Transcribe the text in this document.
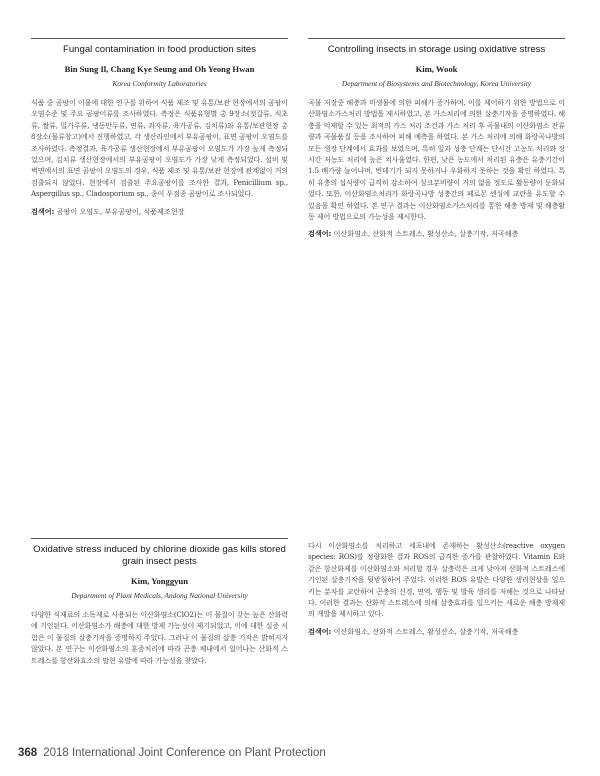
Fungal contamination in food production sites
Bin Sung Il, Chang Kye Seung and Oh Yeong Hwan
Korea Conformity Laboratories
식품 중 곰팡이 이물에 대한 연구를 위하여 식품 제조 및 유통/보관 현장에서의 곰팡이 오염수준 및 주요 곰팡이류를 조사하였다. 측정은 식품유형별 총 9장소(젓갈류, 식초류, 쌀류, 밀가루류, 냉동만두류, 면류, 과자류, 육가공류, 김치류)와 유통/보관현장 총 8장소(물류창고)에서 진행하였고, 각 생산라인에서 부유곰팡이, 표면 곰팡이 오염도를 조사하였다. 측정결과, 육가공류 생산현장에서 부유곰팡이 오염도가 가장 높게 측정되었으며, 김치류 생산현장에서의 부유곰팡이 오염도가 가장 낮게 측정되었다. 설비 및 벽면에서의 표면 곰팡이 오염도의 경우, 식품 제조 및 유통/보관 현장에 관계없이 거의 검출되지 않았다. 현장에서 검출된 주요곰팡이를 조사한 결과, Penicillium sp., Aspergillus sp., Cladosporium sp., 종이 우점종 곰팡이로 조사되었다.
검색어: 곰팡이 오염도, 부유곰팡이, 식품제조현장
Controlling insects in storage using oxidative stress
Kim, Wook
Department of Biosystems and Biotechnology, Korea University
곡물 저장중 해충과 미생물에 의한 피해가 증가하며, 이를 제어하기 위한 방법으로 이산화염소가스처리 방법을 제시하였고, 본 가스처리에 의한 살충기작을 증명하였다. 해충을 억제할 수 있는 최적의 가스 처리 조건과 가스 처리 후 곡물내의 이산화염소 잔류량과 곡물품질 등을 조사하여 피해 예측을 하였다. 본 가스 처리에 의해 화랑곡나방의 모든 생장 단계에서 효과를 보였으며, 특히 일과 성충 단계는 단시간 고농도 처리와 장시간 저농도 처리에 높은 치사율였다. 한편, 낮은 농도에서 처리된 유충은 유충기간이 1.5 배가량 늘어나며, 번데기가 되지 못하거나 우화하지 못하는 것을 확인 하였다. 특히 유충의 섭식량이 급격히 감소하여 싱크분비량이 거의 없을 정도로 활동량이 둔화되었다. 또한, 이산화염소처리가 화랑곡나방 성충간의 페로몬 센싱에 교란을 유도할 수 있음을 확인 하였다. 본 연구 결과는 이산화염소가스처리를 통한 해충 방제 및 해충활동 제어 방법으로의 가능성을 제시한다.
검색어: 이산화염소, 산화적 스트레스, 활성산소, 살충기작, 저곡해충
Oxidative stress induced by chlorine dioxide gas kills stored grain insect pests
Kim, Yonggyun
Department of Plant Medicals, Andong National University
다양한 식재료의 소독제로 사용되는 이산화염소(ClO2)는 이 물질이 갖는 높은 산화력에 기인된다. 이산화염소가 해충에 대한 방제 가능성이 제기되었고, 이에 대한 실증 시험은 이 물질의 살충기작을 증명하지 주었다. 그러나 이 물질의 살충 기작은 밝혀지지 않았다. 본 연구는 이산화염소의 훈증처리에 따라 곤충 체내에서 일어나는 산화적 스트레스를 항산화효소의 발현 유발에 따라 가능성을 찾았다.
다시 이산화염소를 처리하고 세포내에 존재하는 활성산소(reactive oxygen species: ROS)를 정량화한 결과 ROS의 급격한 증가를 관찰하였다. Vitamin E와 같은 항산화제를 이산화염소와 처리할 경우 살충력은 크게 낮아져 산화적 스트레스에 기인된 살충기작을 뒷받침하여 주었다. 이러한 ROS 유발은 다양한 생리현상을 일으키는 분자를 교란하여 곤충의 신경, 면역, 행동 및 발육 생리를 저해는 것으로 나타났다. 이러한 결과는 산화적 스트레스에 의해 살충효과를 일으키는 새로운 해충 방제제의 개발을 제시하고 있다.
검색어: 이산화염소, 산화적 스트레스, 활성산소, 살충기작, 저곡해충
368 2018 International Joint Conference on Plant Protection
